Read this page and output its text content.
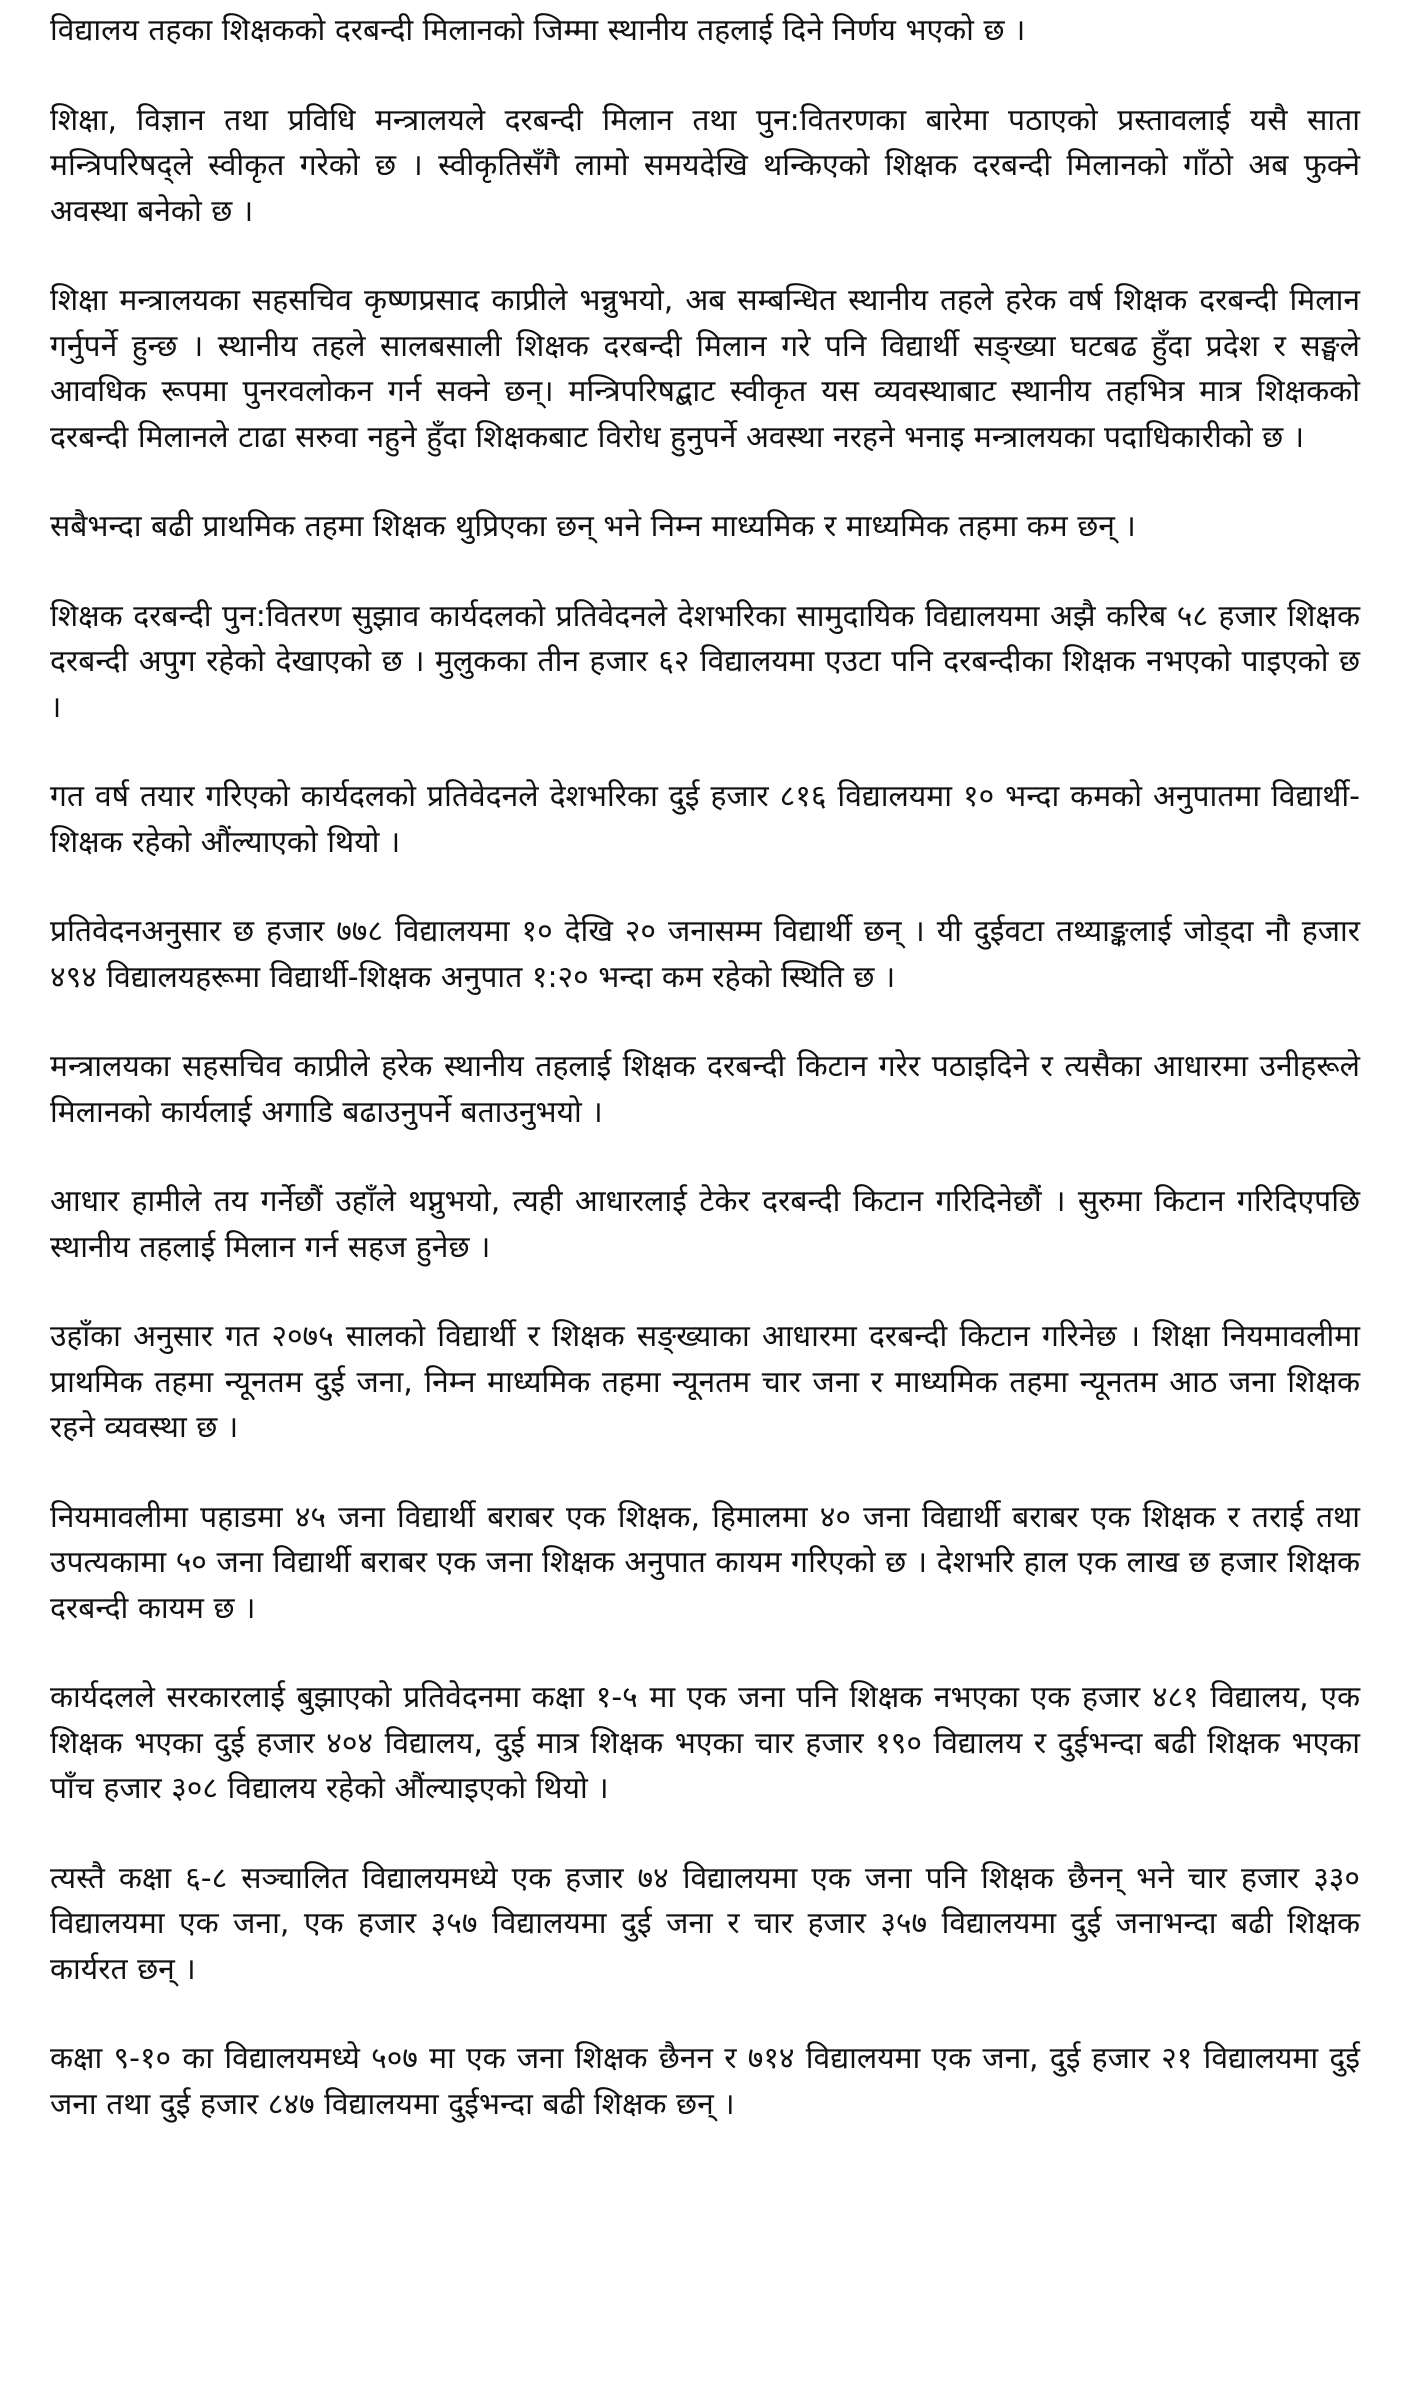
विद्यालय तहका शिक्षकको दरबन्दी मिलानको जिम्मा स्थानीय तहलाई दिने निर्णय भएको छ ।

शिक्षा, विज्ञान तथा प्रविधि मन्त्रालयले दरबन्दी मिलान तथा पुन:वितरणका बारेमा पठाएको प्रस्तावलाई यसै साता मन्त्रिपरिषद्ले स्वीकृत गरेको छ । स्वीकृतिसँगै लामो समयदेखि थन्किएको शिक्षक दरबन्दी मिलानको गाँठो अब फुक्ने अवस्था बनेको छ ।

शिक्षा मन्त्रालयका सहसचिव कृष्णप्रसाद काप्रीले भन्नुभयो, अब सम्बन्धित स्थानीय तहले हरेक वर्ष शिक्षक दरबन्दी मिलान गर्नुपर्ने हुन्छ । स्थानीय तहले सालबसाली शिक्षक दरबन्दी मिलान गरे पनि विद्यार्थी सङ्ख्या घटबढ हुँदा प्रदेश र सङ्घले आवधिक रूपमा पुनरवलोकन गर्न सक्ने छन्। मन्त्रिपरिषद्बाट स्वीकृत यस व्यवस्थाबाट स्थानीय तहभित्र मात्र शिक्षकको दरबन्दी मिलानले टाढा सरुवा नहुने हुँदा शिक्षकबाट विरोध हुनुपर्ने अवस्था नरहने भनाइ मन्त्रालयका पदाधिकारीको छ ।

सबैभन्दा बढी प्राथमिक तहमा शिक्षक थुप्रिएका छन् भने निम्न माध्यमिक र माध्यमिक तहमा कम छन् ।

शिक्षक दरबन्दी पुन:वितरण सुझाव कार्यदलको प्रतिवेदनले देशभरिका सामुदायिक विद्यालयमा अझै करिब ५८ हजार शिक्षक दरबन्दी अपुग रहेको देखाएको छ । मुलुकका तीन हजार ६२ विद्यालयमा एउटा पनि दरबन्दीका शिक्षक नभएको पाइएको छ ।

गत वर्ष तयार गरिएको कार्यदलको प्रतिवेदनले देशभरिका दुई हजार ८१६ विद्यालयमा १० भन्दा कमको अनुपातमा विद्यार्थी-शिक्षक रहेको औंल्याएको थियो ।

प्रतिवेदनअनुसार छ हजार ७७८ विद्यालयमा १० देखि २० जनासम्म विद्यार्थी छन् । यी दुईवटा तथ्याङ्कलाई जोड्दा नौ हजार ४९४ विद्यालयहरूमा विद्यार्थी-शिक्षक अनुपात १:२० भन्दा कम रहेको स्थिति छ ।

मन्त्रालयका सहसचिव काप्रीले हरेक स्थानीय तहलाई शिक्षक दरबन्दी किटान गरेर पठाइदिने र त्यसैका आधारमा उनीहरूले मिलानको कार्यलाई अगाडि बढाउनुपर्ने बताउनुभयो ।

आधार हामीले तय गर्नेछौं उहाँले थप्नुभयो, त्यही आधारलाई टेकेर दरबन्दी किटान गरिदिनेछौं । सुरुमा किटान गरिदिएपछि स्थानीय तहलाई मिलान गर्न सहज हुनेछ ।

उहाँका अनुसार गत २०७५ सालको विद्यार्थी र शिक्षक सङ्ख्याका आधारमा दरबन्दी किटान गरिनेछ । शिक्षा नियमावलीमा प्राथमिक तहमा न्यूनतम दुई जना, निम्न माध्यमिक तहमा न्यूनतम चार जना र माध्यमिक तहमा न्यूनतम आठ जना शिक्षक रहने व्यवस्था छ ।

नियमावलीमा पहाडमा ४५ जना विद्यार्थी बराबर एक शिक्षक, हिमालमा ४० जना विद्यार्थी बराबर एक शिक्षक र तराई तथा उपत्यकामा ५० जना विद्यार्थी बराबर एक जना शिक्षक अनुपात कायम गरिएको छ । देशभरि हाल एक लाख छ हजार शिक्षक दरबन्दी कायम छ ।

कार्यदलले सरकारलाई बुझाएको प्रतिवेदनमा कक्षा १-५ मा एक जना पनि शिक्षक नभएका एक हजार ४८१ विद्यालय, एक शिक्षक भएका दुई हजार ४०४ विद्यालय, दुई मात्र शिक्षक भएका चार हजार १९० विद्यालय र दुईभन्दा बढी शिक्षक भएका पाँच हजार ३०८ विद्यालय रहेको औंल्याइएको थियो ।

त्यस्तै कक्षा ६-८ सञ्चालित विद्यालयमध्ये एक हजार ७४ विद्यालयमा एक जना पनि शिक्षक छैनन् भने चार हजार ३३० विद्यालयमा एक जना, एक हजार ३५७ विद्यालयमा दुई जना र चार हजार ३५७ विद्यालयमा दुई जनाभन्दा बढी शिक्षक कार्यरत छन् ।

कक्षा ९-१० का विद्यालयमध्ये ५०७ मा एक जना शिक्षक छैनन र ७१४ विद्यालयमा एक जना, दुई हजार २१ विद्यालयमा दुई जना तथा दुई हजार ८४७ विद्यालयमा दुईभन्दा बढी शिक्षक छन् ।
